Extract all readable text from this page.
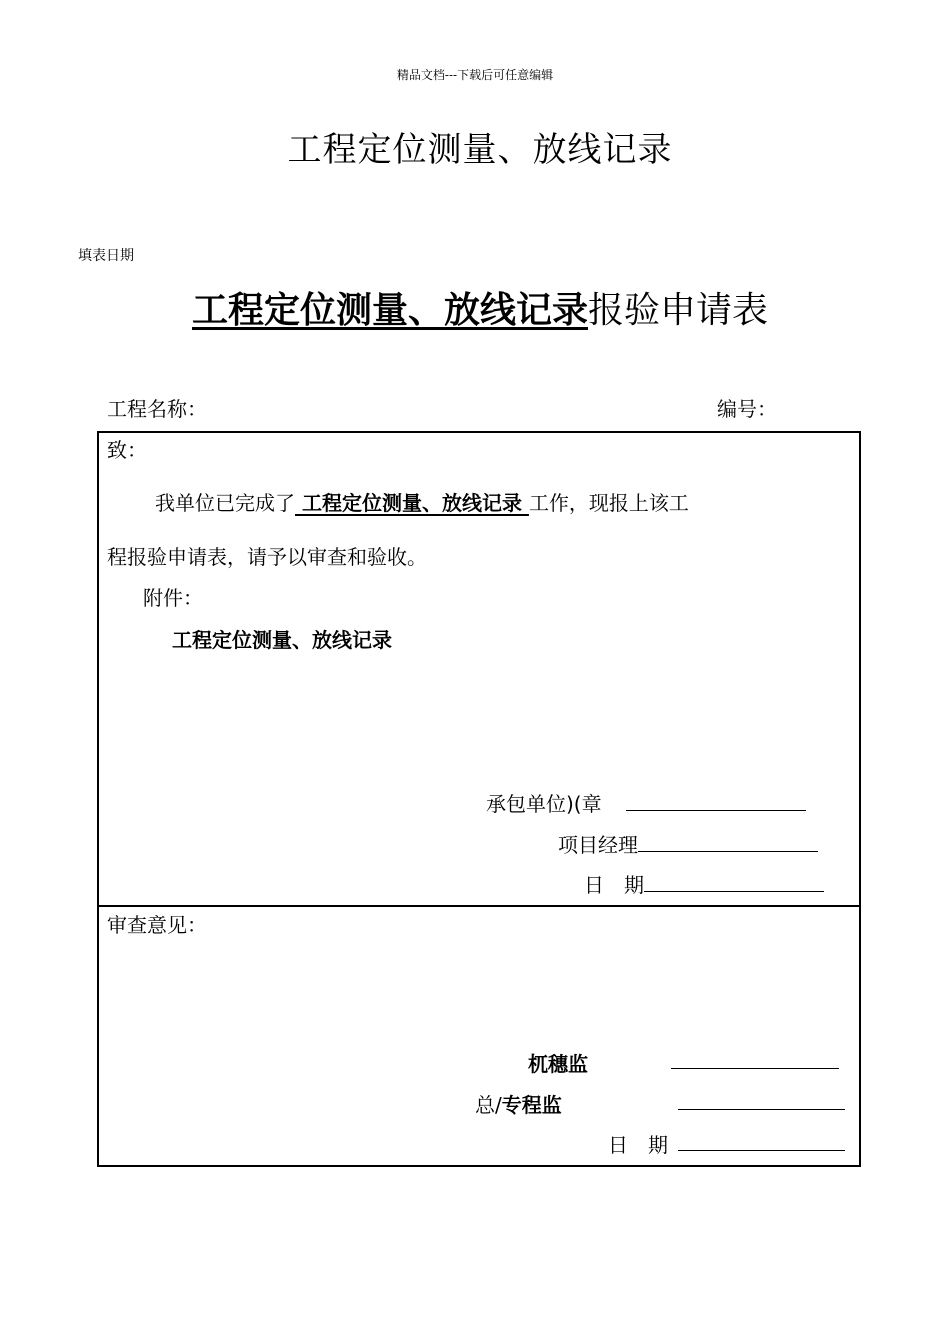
精品文档---下载后可任意编辑
工程定位测量、放线记录
填表日期
工程定位测量、放线记录报验申请表
工程名称：	编号：
致：
我单位已完成了 工程定位测量、放线记录 工作，现报上该工
程报验申请表，请予以审查和验收。
附件：
工程定位测量、放线记录
承包单位)(章
项目经理
日　期
审查意见：
杌穗监
总/专程监
日　期
